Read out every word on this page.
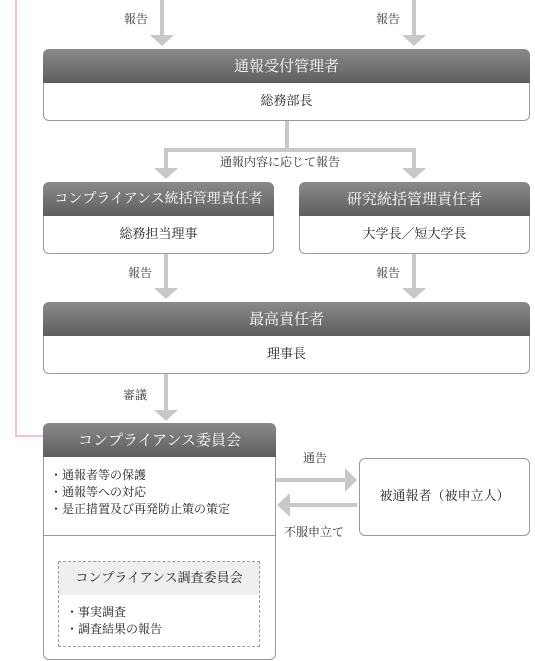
報告	報告
通報内容に応じて報告
報告	報告
審議
通告
不服申立て
通報受付管理者
総務部長
コンプライアンス統括管理責任者
総務担当理事
研究統括管理責任者
大学長／短大学長
最高責任者
理事長
コンプライアンス委員会
・通報者等の保護
・通報等への対応
・是正措置及び再発防止策の策定
コンプライアンス調査委員会
・事実調査
・調査結果の報告
被通報者（被申立人）
